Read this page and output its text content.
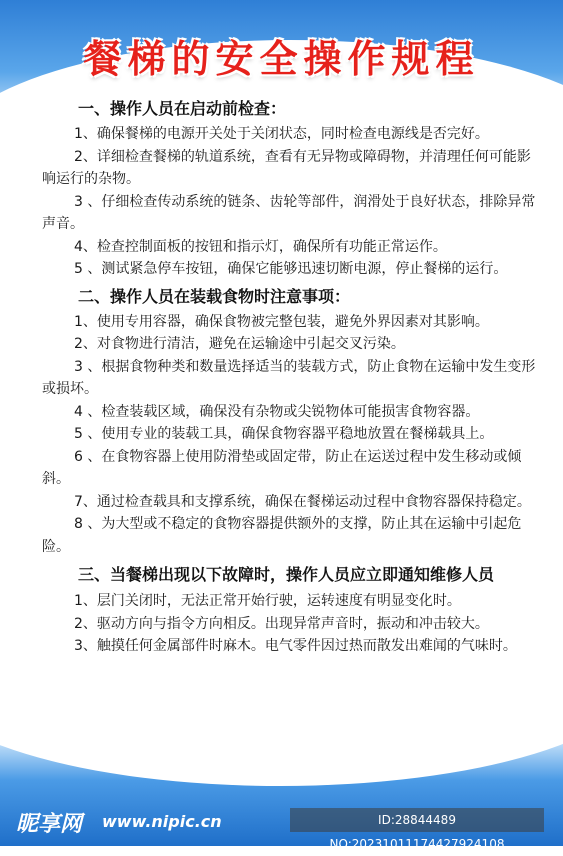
餐梯的安全操作规程
一、操作人员在启动前检查：

1、确保餐梯的电源开关处于关闭状态，同时检查电源线是否完好。

2、详细检查餐梯的轨道系统，查看有无异物或障碍物，并清理任何可能影响运行的杂物。

3 、仔细检查传动系统的链条、齿轮等部件，润滑处于良好状态，排除异常声音。

4、检查控制面板的按钮和指示灯，确保所有功能正常运作。

5 、测试紧急停车按钮，确保它能够迅速切断电源，停止餐梯的运行。

二、操作人员在装载食物时注意事项：

1、使用专用容器，确保食物被完整包装，避免外界因素对其影响。

2、对食物进行清洁，避免在运输途中引起交叉污染。

3 、根据食物种类和数量选择适当的装载方式，防止食物在运输中发生变形或损坏。

4 、检查装载区域，确保没有杂物或尖锐物体可能损害食物容器。

5 、使用专业的装载工具，确保食物容器平稳地放置在餐梯载具上。

6 、在食物容器上使用防滑垫或固定带，防止在运送过程中发生移动或倾斜。

7、通过检查载具和支撑系统，确保在餐梯运动过程中食物容器保持稳定。

8 、为大型或不稳定的食物容器提供额外的支撑，防止其在运输中引起危险。

三、当餐梯出现以下故障时，操作人员应立即通知维修人员

1、层门关闭时，无法正常开始行驶，运转速度有明显变化时。

2、驱动方向与指令方向相反。出现异常声音时，振动和冲击较大。

3、触摸任何金属部件时麻木。电气零件因过热而散发出难闻的气味时。

昵享网 www.nipic.cn	ID:28844489 NO:20231011174427924108
